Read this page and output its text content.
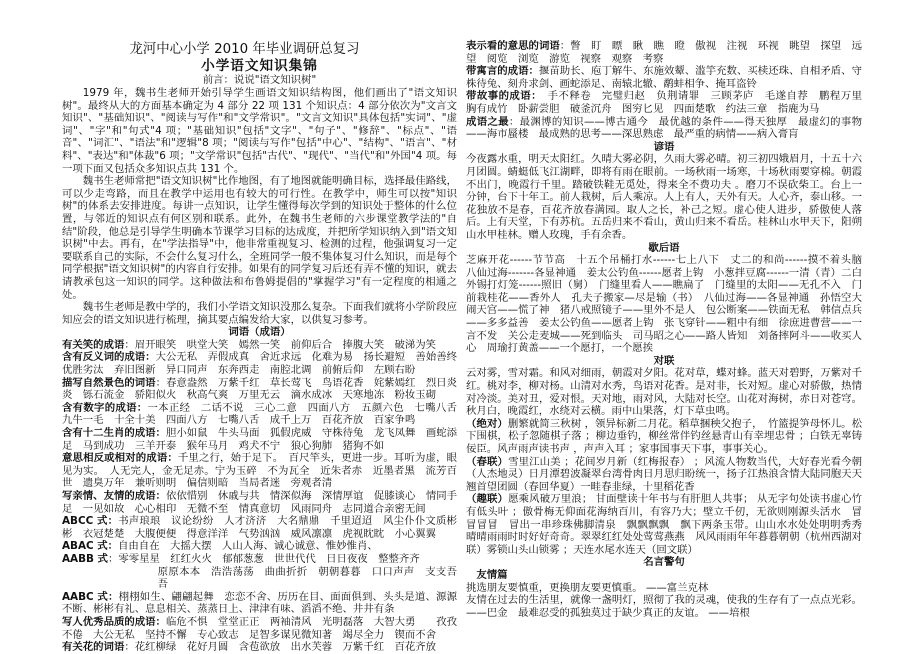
龙河中心小学 2010 年毕业调研总复习
小学语文知识集锦
前言：说说"语文知识树"

1979 年，魏书生老师开始引导学生画语文知识结构图，他们画出了"语文知识树"。最终从大的方面基本确定为 4 部分 22 项 131 个知识点：4 部分依次为"文言文知识"、"基础知识"、"阅读与写作"和"文学常识"。"文言文知识"具体包括"实词"、"虚词"、"字"和"句式"4 项；"基础知识"包括"文字"、"句子"、"修辞"、"标点"、"语音"、"词汇"、"语法"和"逻辑"8 项；"阅读与写作"包括"中心"、"结构"、"语言"、"材料"、"表达"和"体裁"6 项；"文学常识"包括"古代"、"现代"、"当代"和"外国"4 项。每一项下面又包括众多知识点共 131 个。

魏书生老师常把"语文知识树"比作地图，有了地图就能明确目标，选择最佳路线，可以少走弯路，而且在教学中运用也有较大的可行性。在教学中，师生可以按"知识树"的体系去安排进度。每讲一点知识，让学生懂得每次学到的知识处于整体的什么位置，与邻近的知识点有何区别和联系。此外，在魏书生老师的六步课堂教学法的"自结"阶段，他总是引导学生明确本节课学习目标的达成度，并把所学知识纳入到"语文知识树"中去。再有，在"学法指导"中，他非常重视复习、检测的过程，他强调复习一定要联系自己的实际，不会什么复习什么，全班同学一般不集体复习什么知识，而是每个同学根据"语文知识树"的内容自行安排。如果有的同学复习后还有弄不懂的知识，就去请教承包这一知识的同学。这种做法和布鲁姆提倡的"掌握学习"有一定程度的相通之处。

魏书生老师是教中学的，我们小学语文知识没那么复杂。下面我们就将小学阶段应知应会的语文知识进行梳理，摘其要点编发给大家，以供复习参考。

词语（成语）

有关笑的成语：眉开眼笑　哄堂大笑　嫣然一笑　前仰后合　捧腹大笑　破涕为笑

含有反义词的成语：大公无私　弄假成真　舍近求远　化难为易　扬长避短　善始善终　优胜劣汰　弃旧图新　异口同声　东奔西走　南腔北调　前俯后仰　左顾右盼

描写自然景色的词语：春意盎然　万紫千红　草长莺飞　鸟语花香　姹紫嫣红　烈日炎炎　铄石流金　骄阳似火　秋高气爽　万里无云　滴水成冰　天寒地冻　粉妆玉砌

含有数字的成语：一本正经　二话不说　三心二意　四面八方　五颜六色　七嘴八舌　九牛一毛　十全十美　四面八方　七嘴八舌　成千上万　百花齐放　百家争鸣

含有十二生肖的成语：胆小如鼠　牛头马面　狐假虎威　守株待兔　龙飞凤舞　画蛇添足　马到成功　三羊开泰　猴年马月　鸡犬不宁　狼心狗肺　猪狗不如

意思相反或相对的成语：千里之行，始于足下。　百尺竿头，更进一步。耳听为虚，眼见为实。　人无完人，金无足赤。宁为玉碎　不为瓦全　近朱者赤　近墨者黑　流芳百世　遗臭万年　兼听则明　偏信则暗　当局者迷　旁观者清

写亲情、友情的成语：依依惜别　休戚与共　情深似海　深情厚谊　促膝谈心　情同手足　一见如故　心心相印　无微不至　情真意切　风雨同舟　志同道合亲密无间

ABCC 式：书声琅琅　议论纷纷　人才济济　大名鼎鼎　千里迢迢　风尘仆仆文质彬彬　衣冠楚楚　大腹便便　得意洋洋　气势汹汹　威风凛凛　虎视眈眈　小心翼翼

ABAC 式：自由自在　大摇大摆　人山人海、诚心诚意、惟妙惟肖、

AABB 式：零零星星　红红火火　郁郁葱葱　世世代代　日日夜夜　整整齐齐

原原本本　浩浩荡荡　曲曲折折　朝朝暮暮　口口声声　支支吾吾

AABC 式：栩栩如生、翩翩起舞　恋恋不舍、历历在目、面面俱到、头头是道、源源不断、彬彬有礼、息息相关、蒸蒸日上、津津有味、滔滔不绝、井井有条

写人优秀品质的成语：临危不惧　堂堂正正　两袖清风　光明磊落　大智大勇　　孜孜不倦　大公无私　坚持不懈　专心致志　足智多谋见微知著　竭尽全力　锲而不舍

有关花的词语：花红柳绿　花好月圆　含苞欲放　出水芙蓉　万紫千红　百花齐放

表示看的意思的词语：瞥　盯　瞟　瞅　瞧　瞪　傲视　注视　环视　眺望　探望　远望　阅览　浏览　游览　视察　观察　考察

带寓言的成语：揠苗助长、庖丁解牛、东施效颦、滥竽充数、买椟还珠、自相矛盾、守株待兔、刻舟求剑、画蛇添足、南辕北辙、鹬蚌相争、掩耳盗铃

带故事的成语：　手不释卷　完璧归赵　负荆请罪　三顾茅庐　毛遂自荐　鹏程万里　胸有成竹　卧薪尝胆　破釜沉舟　图穷匕见　四面楚歌　约法三章　指鹿为马

成语之最：最渊博的知识——博古通今　最优越的条件——得天独厚　最虚幻的事物——海市蜃楼　最成熟的思考——深思熟虑　最严重的病情——病入膏肓

谚语

今夜露水重，明天太阳红。久晴大雾必阴，久雨大雾必晴。初三初四娥眉月，十五十六月团圆。蜻蜓低飞江湖畔，即将有雨在眼前。一场秋雨一场寒，十场秋雨要穿棉。朝霞不出门，晚霞行千里。踏破铁鞋无觅处，得来全不费功夫 。磨刀不误砍柴工。台上一分钟，台下十年工。前人栽树，后人乘凉。人上有人，天外有天。人心齐，泰山移。一花独放不是春，百花齐放春满园。取人之长，补己之短。虚心使人进步，骄傲使人落后。上有天堂，下有苏杭。五岳归来不看山，黄山归来不看岳。桂林山水甲天下，阳朔山水甲桂林。赠人玫瑰，手有余香。

歇后语

芝麻开花------节节高　十五个吊桶打水------七上八下　丈二的和尚------摸不着头脑　八仙过海-------各显神通　姜太公钓鱼------愿者上钩　小葱拌豆腐------一清（青）二白　外锡打灯笼------照旧（舅）　门缝里看人——瞧扁了　门缝里的太阳——无孔不入　门前栽桂花——香外人　孔夫子搬家—尽是输（书）　八仙过海——各显神通　孙悟空大闹天宫——慌了神　猪八戒照镜子——里外不是人　包公断案——铁面无私　韩信点兵——多多益善　姜太公钓鱼——愿者上钩　张飞穿针——粗中有细　徐庶进曹营——一言不发　关公走麦城——死到临头　司马昭之心——路人皆知　刘备摔阿斗——收买人心　周瑜打黄盖——一个愿打，一个愿挨

对联

云对雾，雪对霜。和风对细雨，朝霞对夕阳。花对草，蝶对蜂。蓝天对碧野，万紫对千红。桃对李，柳对杨。山清对水秀，鸟语对花香。是对非，长对短。虚心对骄傲，热情对冷淡。美对丑，爱对恨。天对地，雨对风，大陆对长空。山花对海树，赤日对苍穹。秋月白，晚霞红，水绕对云横。雨中山果落，灯下草虫鸣。

（绝对）删繁就简三秋树 ，领异标新二月花。稻草捆秧父抱子，　竹篮提笋母怀儿。松下围棋，松子忽随棋子落 ；柳边垂钓，柳丝常伴钓丝悬青山有幸埋忠骨 ；白铁无辜铸佞臣。风声雨声读书声 ，声声入耳 ；家事国事天下事，事事关心。

（春联）雪里江山美 ；花间岁月新（红梅报春） ；风流人物数当代，大好春光看今朝（人杰地灵）日月潭碧波凝翠台湾骨肉日月思归盼统一，扬子江热浪含情大陆同胞天天翘首望团圆（春回华夏）一畦春韭绿，十里稻花香

（趣联）愿乘风破万里浪； 甘面壁读十年书与有肝胆人共事； 从无字句处读书虚心竹有低头叶 ；傲骨梅无仰面花海纳百川，有容乃大；壁立千仞，无欲则刚源头活水　冒冒冒冒　冒出一串珍珠佛脚清泉　飘飘飘飘　飘下两条玉带。山山水水处处明明秀秀　晴晴雨雨时时好好奇奇。翠翠红红处处莺莺燕燕　风风雨雨年年暮暮朝朝（杭州西湖对联）雾锁山头山锁雾 ；天连水尾水连天（回文联）

名言警句

友情篇

挑选朋友要慎重，更换朋友要更慎重。 ——富兰克林

友情在过去的生活里，就像一盏明灯，照彻了我的灵魂，使我的生存有了一点点光彩。——巴金　最难忍受的孤独莫过于缺少真正的友谊。 ——培根
